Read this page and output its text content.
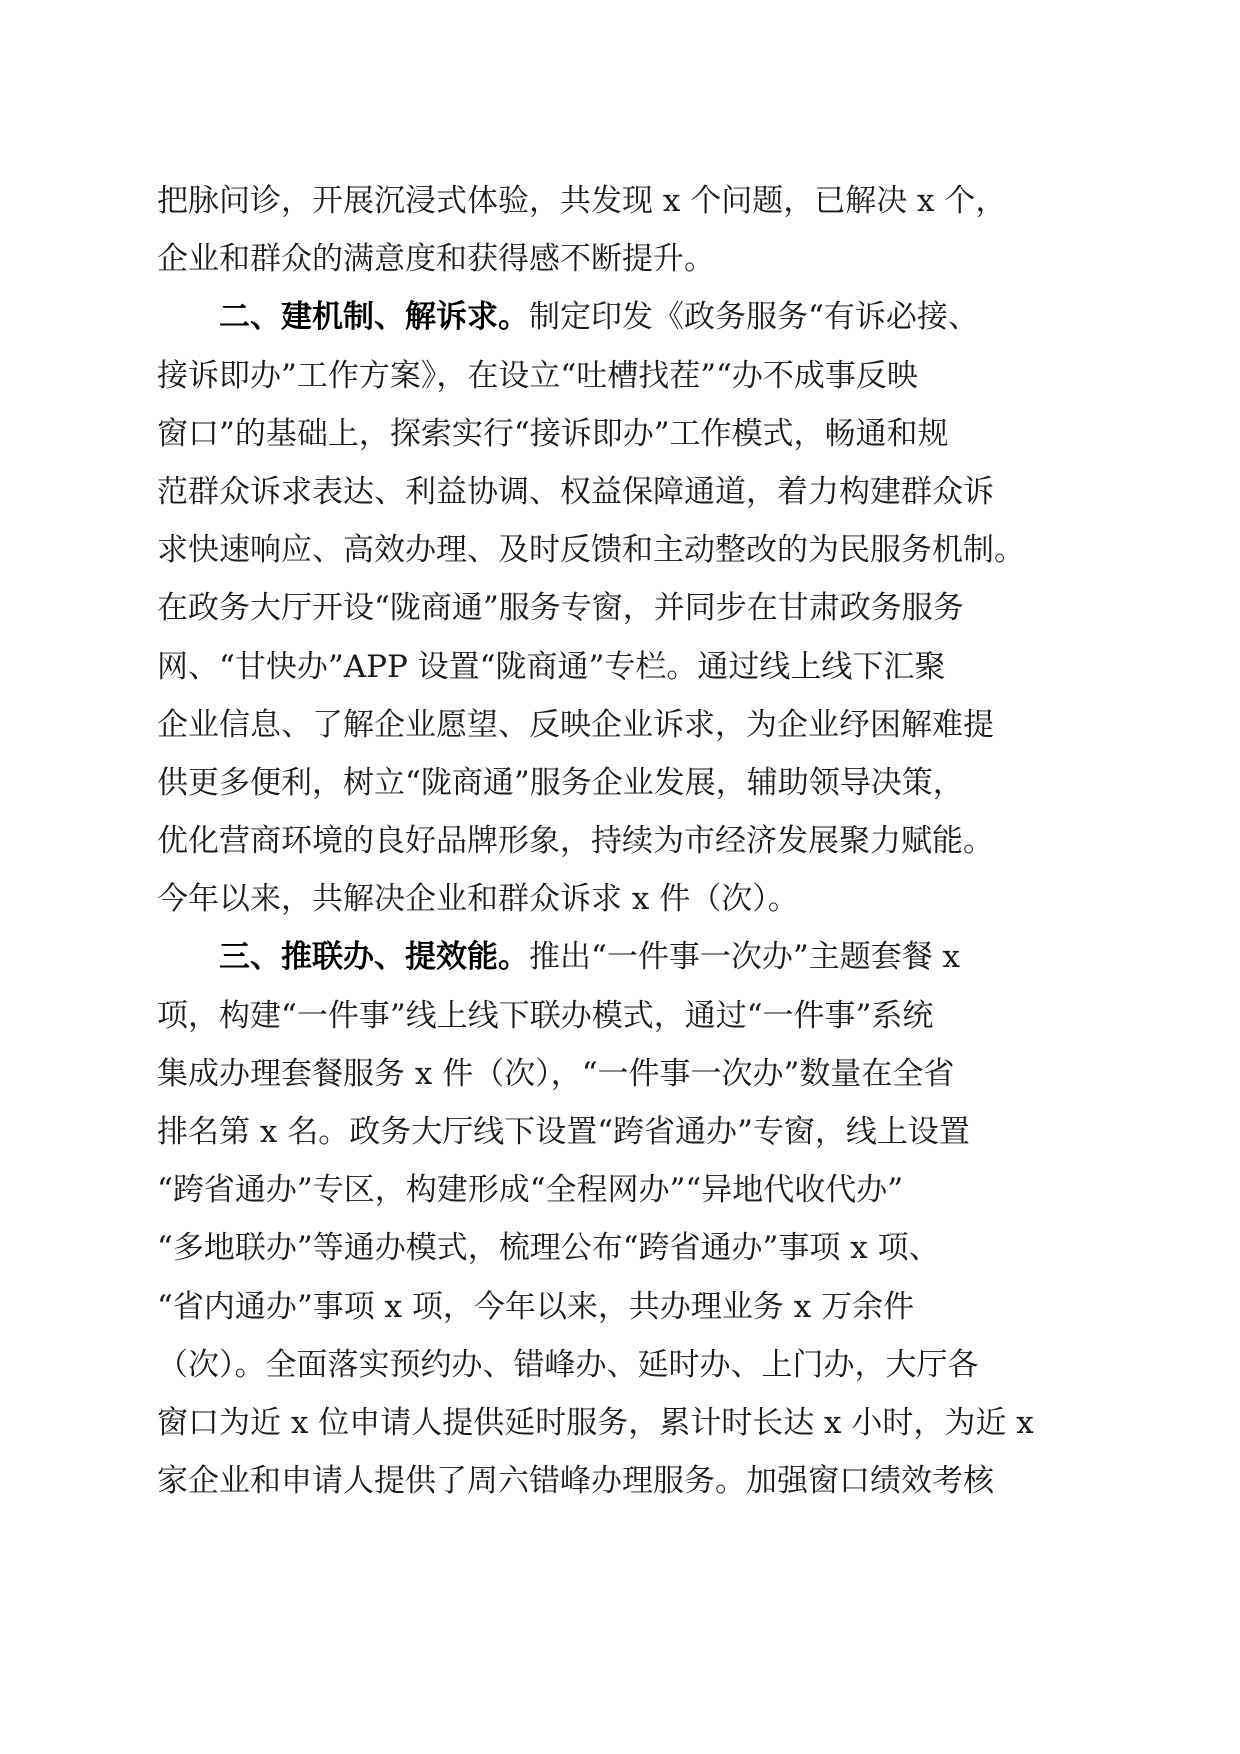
把脉问诊，开展沉浸式体验，共发现 x 个问题，已解决 x 个，
企业和群众的满意度和获得感不断提升。
二、建机制、解诉求。制定印发《政务服务“有诉必接、
接诉即办”工作方案》，在设立“吐槽找茬”“办不成事反映
窗口”的基础上，探索实行“接诉即办”工作模式，畅通和规
范群众诉求表达、利益协调、权益保障通道，着力构建群众诉
求快速响应、高效办理、及时反馈和主动整改的为民服务机制。
在政务大厅开设“陇商通”服务专窗，并同步在甘肃政务服务
网、“甘快办”APP 设置“陇商通”专栏。通过线上线下汇聚
企业信息、了解企业愿望、反映企业诉求，为企业纾困解难提
供更多便利，树立“陇商通”服务企业发展，辅助领导决策，
优化营商环境的良好品牌形象，持续为市经济发展聚力赋能。
今年以来，共解决企业和群众诉求 x 件（次）。
三、推联办、提效能。推出“一件事一次办”主题套餐 x
项，构建“一件事”线上线下联办模式，通过“一件事”系统
集成办理套餐服务 x 件（次），“一件事一次办”数量在全省
排名第 x 名。政务大厅线下设置“跨省通办”专窗，线上设置
“跨省通办”专区，构建形成“全程网办”“异地代收代办”
“多地联办”等通办模式，梳理公布“跨省通办”事项 x 项、
“省内通办”事项 x 项，今年以来，共办理业务 x 万余件
（次）。全面落实预约办、错峰办、延时办、上门办，大厅各
窗口为近 x 位申请人提供延时服务，累计时长达 x 小时，为近 x
家企业和申请人提供了周六错峰办理服务。加强窗口绩效考核
